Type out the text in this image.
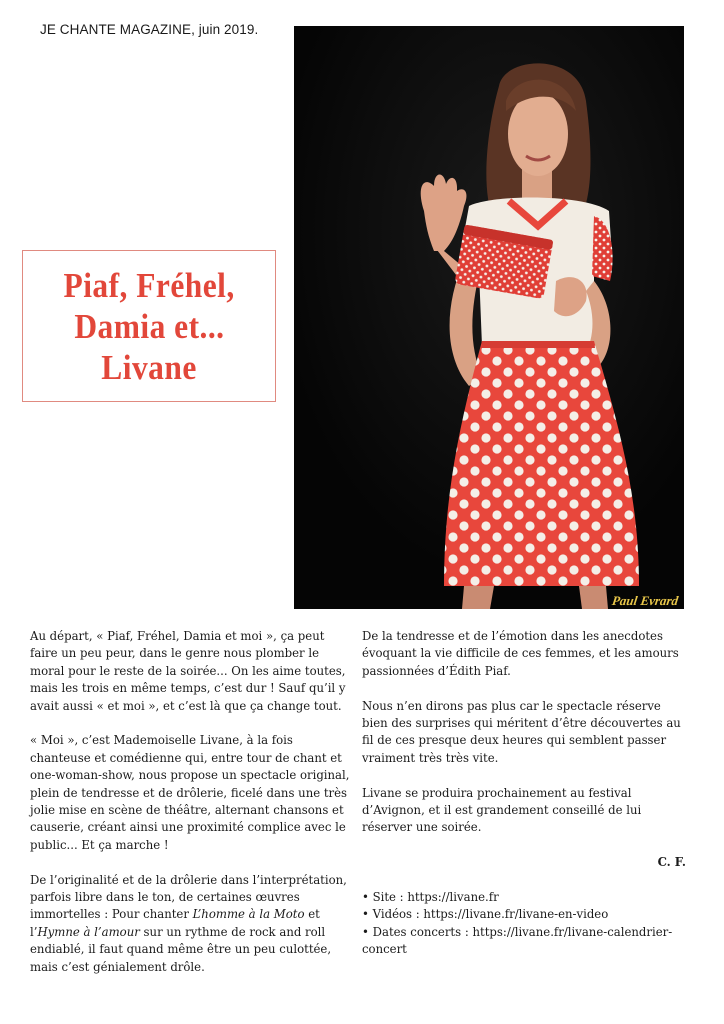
JE CHANTE MAGAZINE, juin 2019.
Piaf, Fréhel,
Damia et...
Livane
Paul Evrard

Au départ, « Piaf, Fréhel, Damia et moi », ça peut faire un peu peur, dans le genre nous plomber le moral pour le reste de la soirée... On les aime toutes, mais les trois en même temps, c’est dur ! Sauf qu’il y avait aussi « et moi », et c’est là que ça change tout.

« Moi », c’est Mademoiselle Livane, à la fois chanteuse et comédienne qui, entre tour de chant et one-woman-show, nous propose un spectacle original, plein de tendresse et de drôlerie, ficelé dans une très jolie mise en scène de théâtre, alternant chansons et causerie, créant ainsi une proximité complice avec le public... Et ça marche !

De l’originalité et de la drôlerie dans l’interprétation, parfois libre dans le ton, de certaines œuvres immortelles : Pour chanter L’homme à la Moto et l’Hymne à l’amour sur un rythme de rock and roll endiablé, il faut quand même être un peu culottée, mais c’est génialement drôle.

De la tendresse et de l’émotion dans les anecdotes évoquant la vie difficile de ces femmes, et les amours passionnées d’Édith Piaf.

Nous n’en dirons pas plus car le spectacle réserve bien des surprises qui méritent d’être découvertes au fil de ces presque deux heures qui semblent passer vraiment très très vite.

Livane se produira prochainement au festival d’Avignon, et il est grandement conseillé de lui réserver une soirée.

C. F.
• Site : https://livane.fr
• Vidéos : https://livane.fr/livane-en-video
• Dates concerts : https://livane.fr/livane-calendrier-concert
